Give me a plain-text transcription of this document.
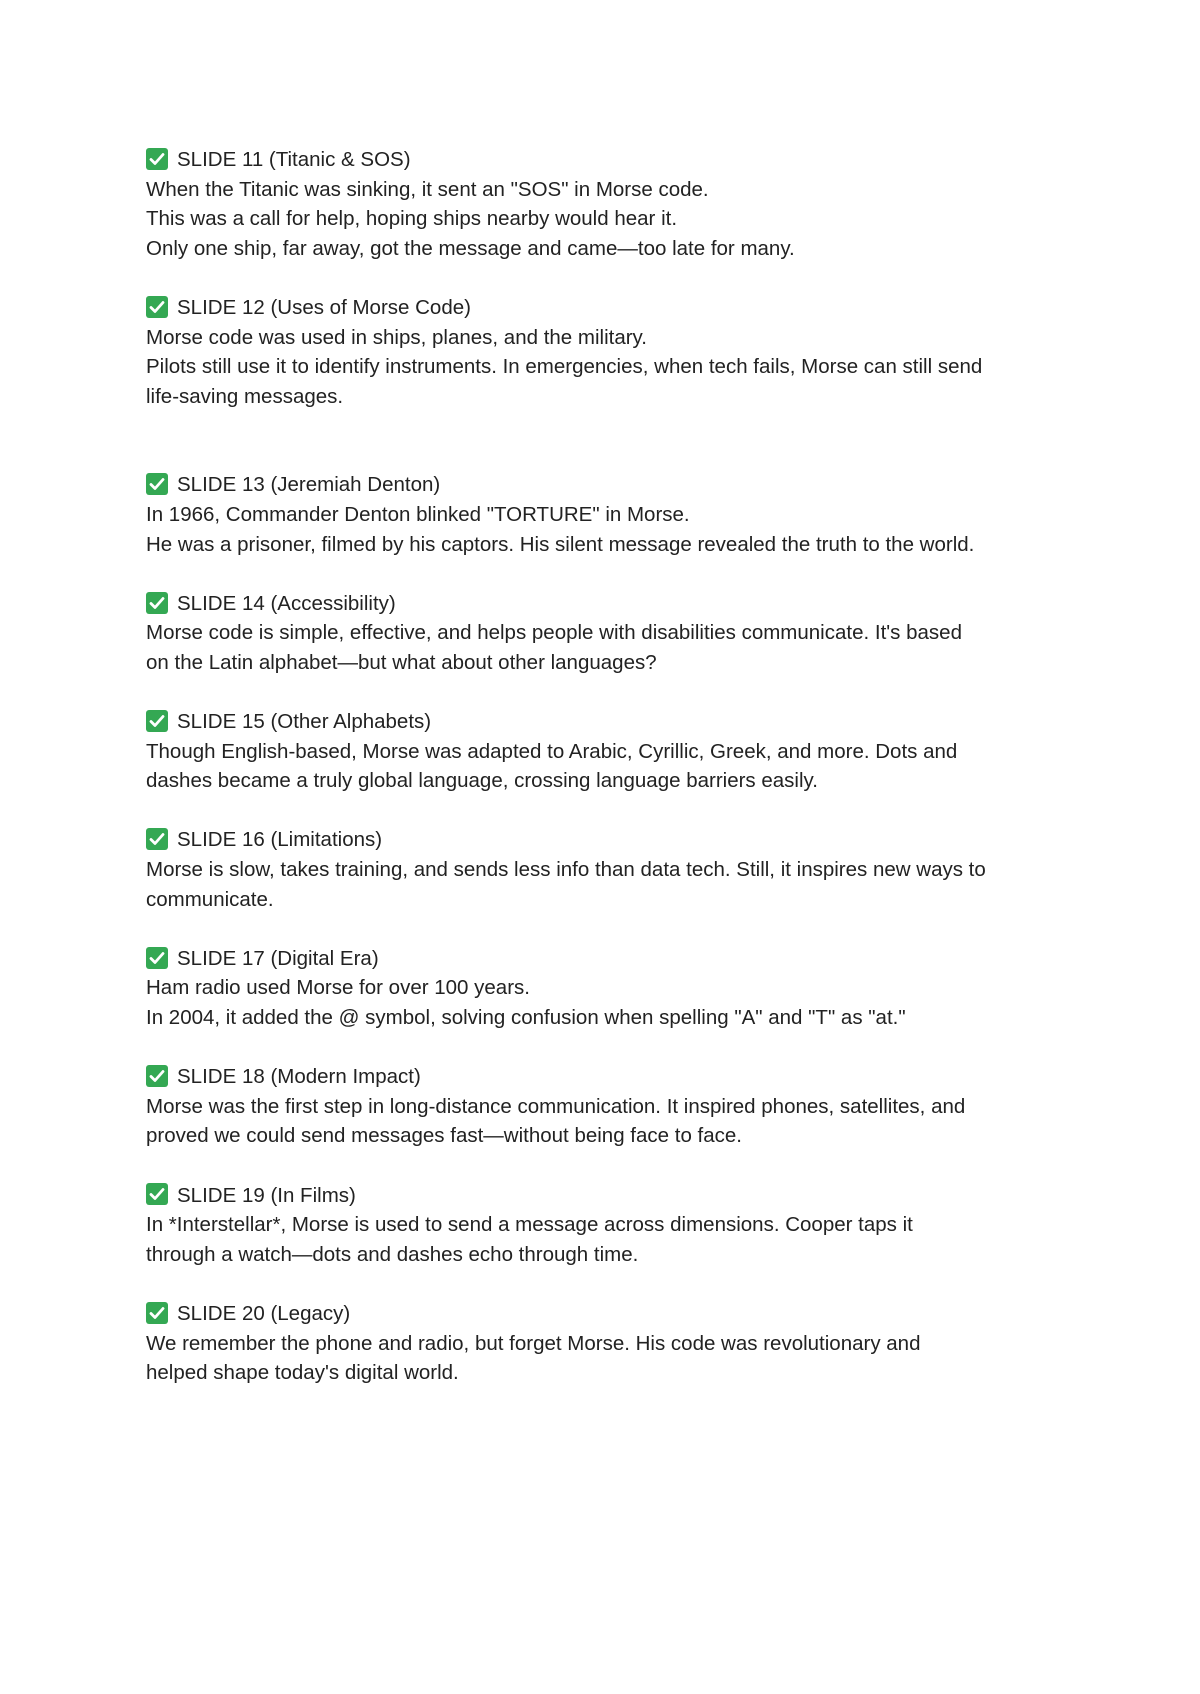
SLIDE 11 (Titanic & SOS)
When the Titanic was sinking, it sent an "SOS" in Morse code.
This was a call for help, hoping ships nearby would hear it.
Only one ship, far away, got the message and came—too late for many.
SLIDE 12 (Uses of Morse Code)
Morse code was used in ships, planes, and the military.
Pilots still use it to identify instruments. In emergencies, when tech fails, Morse can still send
life-saving messages.
SLIDE 13 (Jeremiah Denton)
In 1966, Commander Denton blinked "TORTURE" in Morse.
He was a prisoner, filmed by his captors. His silent message revealed the truth to the world.
SLIDE 14 (Accessibility)
Morse code is simple, effective, and helps people with disabilities communicate. It's based
on the Latin alphabet—but what about other languages?
SLIDE 15 (Other Alphabets)
Though English-based, Morse was adapted to Arabic, Cyrillic, Greek, and more. Dots and
dashes became a truly global language, crossing language barriers easily.
SLIDE 16 (Limitations)
Morse is slow, takes training, and sends less info than data tech. Still, it inspires new ways to
communicate.
SLIDE 17 (Digital Era)
Ham radio used Morse for over 100 years.
In 2004, it added the @ symbol, solving confusion when spelling "A" and "T" as "at."
SLIDE 18 (Modern Impact)
Morse was the first step in long-distance communication. It inspired phones, satellites, and
proved we could send messages fast—without being face to face.
SLIDE 19 (In Films)
In *Interstellar*, Morse is used to send a message across dimensions. Cooper taps it
through a watch—dots and dashes echo through time.
SLIDE 20 (Legacy)
We remember the phone and radio, but forget Morse. His code was revolutionary and
helped shape today's digital world.
